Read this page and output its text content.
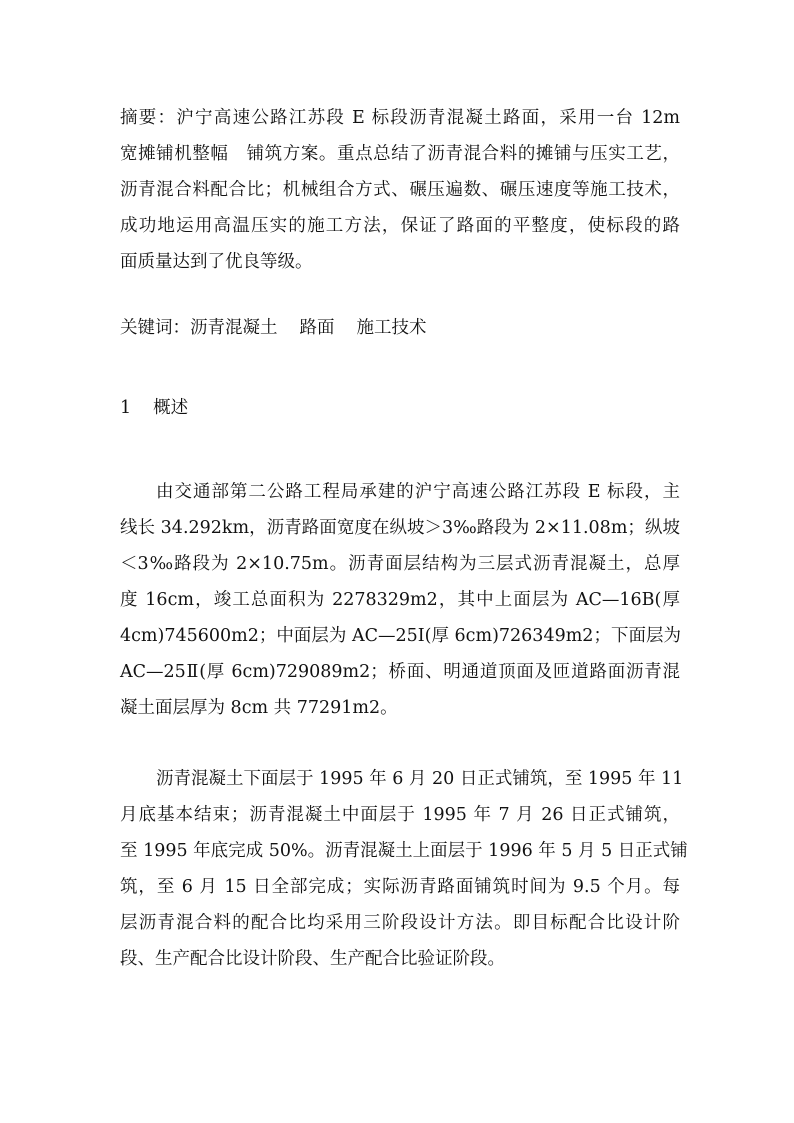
摘要：沪宁高速公路江苏段 E 标段沥青混凝土路面，采用一台 12m
宽摊铺机整幅　铺筑方案。重点总结了沥青混合料的摊铺与压实工艺，
沥青混合料配合比；机械组合方式、碾压遍数、碾压速度等施工技术，
成功地运用高温压实的施工方法，保证了路面的平整度，使标段的路
面质量达到了优良等级。
关键词：沥青混凝土 路面 施工技术
1 概述
由交通部第二公路工程局承建的沪宁高速公路江苏段 E 标段，主
线长 34.292km，沥青路面宽度在纵坡＞3‰路段为 2×11.08m；纵坡
＜3‰路段为 2×10.75m。沥青面层结构为三层式沥青混凝土，总厚
度 16cm，竣工总面积为 2278329m2，其中上面层为 AC—16B(厚
4cm)745600m2；中面层为 AC—25Ⅰ(厚 6cm)726349m2；下面层为
AC—25Ⅱ(厚 6cm)729089m2；桥面、明通道顶面及匝道路面沥青混
凝土面层厚为 8cm 共 77291m2。
沥青混凝土下面层于 1995 年 6 月 20 日正式铺筑，至 1995 年 11
月底基本结束；沥青混凝土中面层于 1995 年 7 月 26 日正式铺筑，
至 1995 年底完成 50%。沥青混凝土上面层于 1996 年 5 月 5 日正式铺
筑，至 6 月 15 日全部完成；实际沥青路面铺筑时间为 9.5 个月。每
层沥青混合料的配合比均采用三阶段设计方法。即目标配合比设计阶
段、生产配合比设计阶段、生产配合比验证阶段。
